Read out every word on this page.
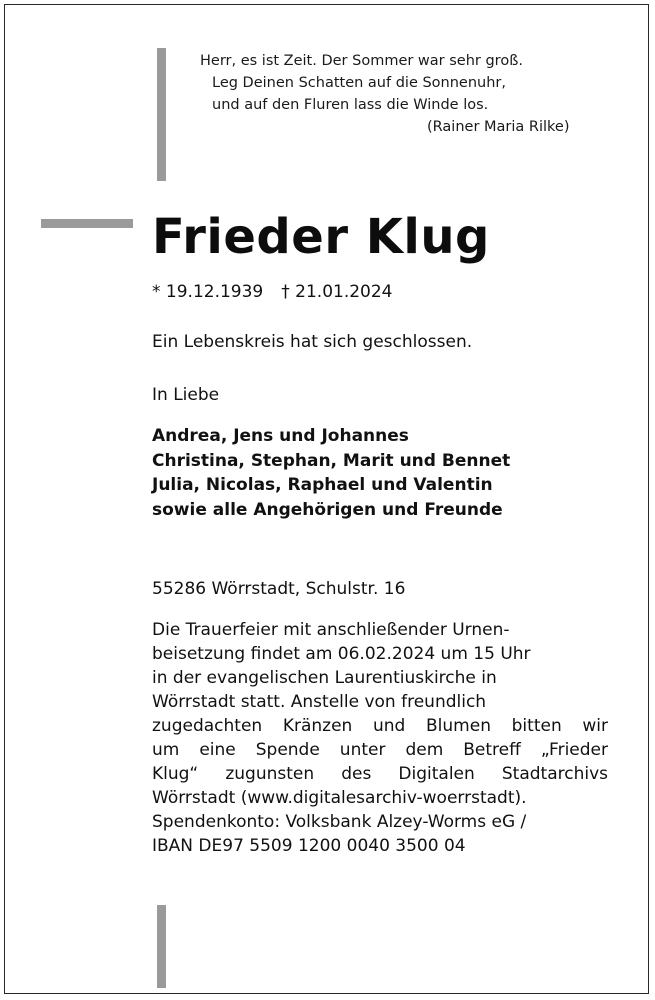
Herr, es ist Zeit. Der Sommer war sehr groß.
Leg Deinen Schatten auf die Sonnenuhr,
und auf den Fluren lass die Winde los.
(Rainer Maria Rilke)
Frieder Klug
* 19.12.1939 † 21.01.2024
Ein Lebenskreis hat sich geschlossen.
In Liebe
Andrea, Jens und Johannes
Christina, Stephan, Marit und Bennet
Julia, Nicolas, Raphael und Valentin
sowie alle Angehörigen und Freunde
55286 Wörrstadt, Schulstr. 16
Die Trauerfeier mit anschließender Urnen-
beisetzung findet am 06.02.2024 um 15 Uhr
in der evangelischen Laurentiuskirche in
Wörrstadt statt. Anstelle von freundlich
zugedachten Kränzen und Blumen bitten wir
um eine Spende unter dem Betreff „Frieder
Klug“ zugunsten des Digitalen Stadtarchivs
Wörrstadt (www.digitalesarchiv-woerrstadt).
Spendenkonto: Volksbank Alzey-Worms eG /
IBAN DE97 5509 1200 0040 3500 04
